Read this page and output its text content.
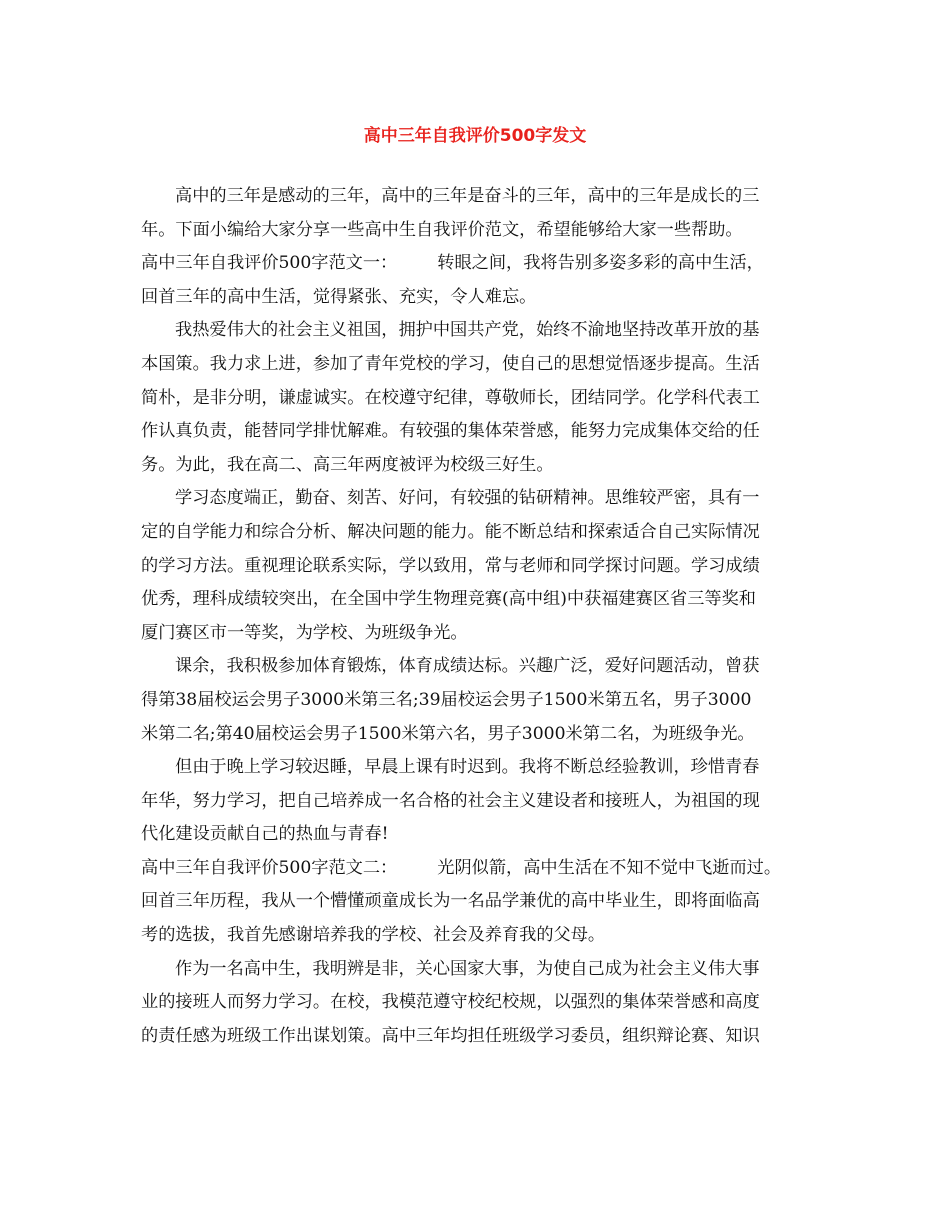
高中三年自我评价500字发文
高中的三年是感动的三年，高中的三年是奋斗的三年，高中的三年是成长的三
年。下面小编给大家分享一些高中生自我评价范文，希望能够给大家一些帮助。
高中三年自我评价500字范文一： 转眼之间，我将告别多姿多彩的高中生活，
回首三年的高中生活，觉得紧张、充实，令人难忘。
我热爱伟大的社会主义祖国，拥护中国共产党，始终不渝地坚持改革开放的基
本国策。我力求上进，参加了青年党校的学习，使自己的思想觉悟逐步提高。生活
简朴，是非分明，谦虚诚实。在校遵守纪律，尊敬师长，团结同学。化学科代表工
作认真负责，能替同学排忧解难。有较强的集体荣誉感，能努力完成集体交给的任
务。为此，我在高二、高三年两度被评为校级三好生。
学习态度端正，勤奋、刻苦、好问，有较强的钻研精神。思维较严密，具有一
定的自学能力和综合分析、解决问题的能力。能不断总结和探索适合自己实际情况
的学习方法。重视理论联系实际，学以致用，常与老师和同学探讨问题。学习成绩
优秀，理科成绩较突出，在全国中学生物理竞赛(高中组)中获福建赛区省三等奖和
厦门赛区市一等奖，为学校、为班级争光。
课余，我积极参加体育锻炼，体育成绩达标。兴趣广泛，爱好问题活动，曾获
得第38届校运会男子3000米第三名;39届校运会男子1500米第五名，男子3000
米第二名;第40届校运会男子1500米第六名，男子3000米第二名，为班级争光。
但由于晚上学习较迟睡，早晨上课有时迟到。我将不断总经验教训，珍惜青春
年华，努力学习，把自己培养成一名合格的社会主义建设者和接班人，为祖国的现
代化建设贡献自己的热血与青春!
高中三年自我评价500字范文二： 光阴似箭，高中生活在不知不觉中飞逝而过。
回首三年历程，我从一个懵懂顽童成长为一名品学兼优的高中毕业生，即将面临高
考的选拔，我首先感谢培养我的学校、社会及养育我的父母。
作为一名高中生，我明辨是非，关心国家大事，为使自己成为社会主义伟大事
业的接班人而努力学习。在校，我模范遵守校纪校规，以强烈的集体荣誉感和高度
的责任感为班级工作出谋划策。高中三年均担任班级学习委员，组织辩论赛、知识
